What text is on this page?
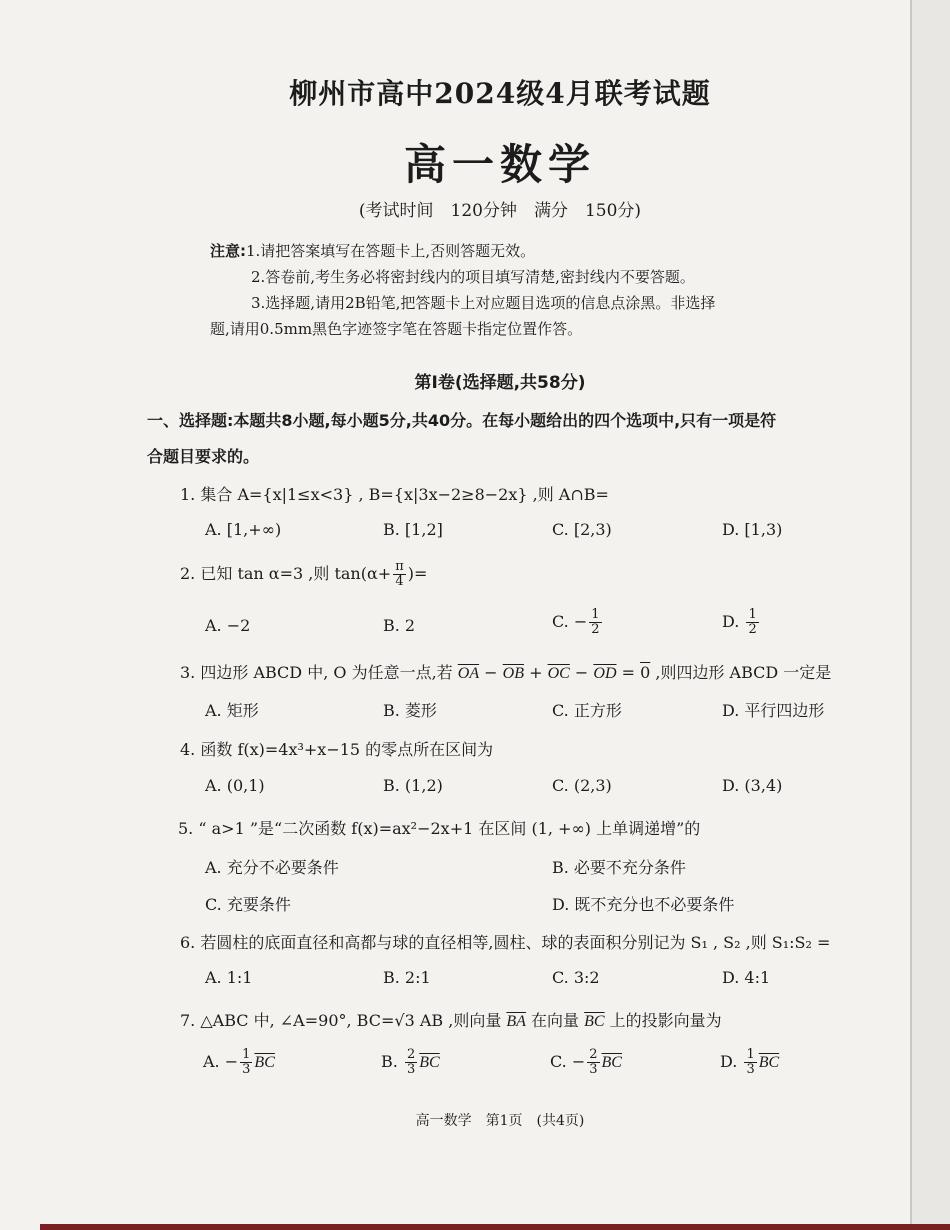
柳州市高中2024级4月联考试题
高一数学
(考试时间　120分钟　满分　150分)
注意:1.请把答案填写在答题卡上,否则答题无效。
2.答卷前,考生务必将密封线内的项目填写清楚,密封线内不要答题。
3.选择题,请用2B铅笔,把答题卡上对应题目选项的信息点涂黑。非选择
题,请用0.5mm黑色字迹签字笔在答题卡指定位置作答。
第Ⅰ卷(选择题,共58分)
一、选择题:本题共8小题,每小题5分,共40分。在每小题给出的四个选项中,只有一项是符
合题目要求的。
1. 集合 A={x|1≤x<3} , B={x|3x−2≥8−2x} ,则 A∩B=
A. [1,+∞)	B. [1,2]	C. [2,3)	D. [1,3)
2. 已知 tan α=3 ,则 $\tan(\alpha+ \frac{\pi}{4}$ )=
A. −2	B. 2	C. − $\frac{1}{2}$	D. $\frac{1}{2}$
3. 四边形 ABCD 中, O 为任意一点,若 $\overline{OA} - \overline{OB} + \overline{OC} - \overline{OD} = 0$ ,则四边形 ABCD 一定是
A. 矩形	B. 菱形	C. 正方形	D. 平行四边形
4. 函数 f(x)=4x³+x−15 的零点所在区间为
A. (0,1)	B. (1,2)	C. (2,3)	D. (3,4)
5. “ a>1 ”是“二次函数 f(x)=ax²−2x+1 在区间 (1, +∞) 上单调递增”的
A. 充分不必要条件	B. 必要不充分条件
C. 充要条件	D. 既不充分也不必要条件
6. 若圆柱的底面直径和高都与球的直径相等,圆柱、球的表面积分别记为 S₁ , S₂ ,则 S₁:S₂ =
A. 1:1	B. 2:1	C. 3:2	D. 4:1
7. △ABC 中, ∠A=90°, BC=√3 AB ,则向量 $\overline{BA}$ 在向量 $\overline{BC}$ 上的投影向量为
A. − $\frac{1}{3} \overline{BC}$	B. $\frac{2}{3} \overline{BC}$	C. − $\frac{2}{3} \overline{BC}$	D. $\frac{1}{3} \overline{BC}$
高一数学　第1页　(共4页)
